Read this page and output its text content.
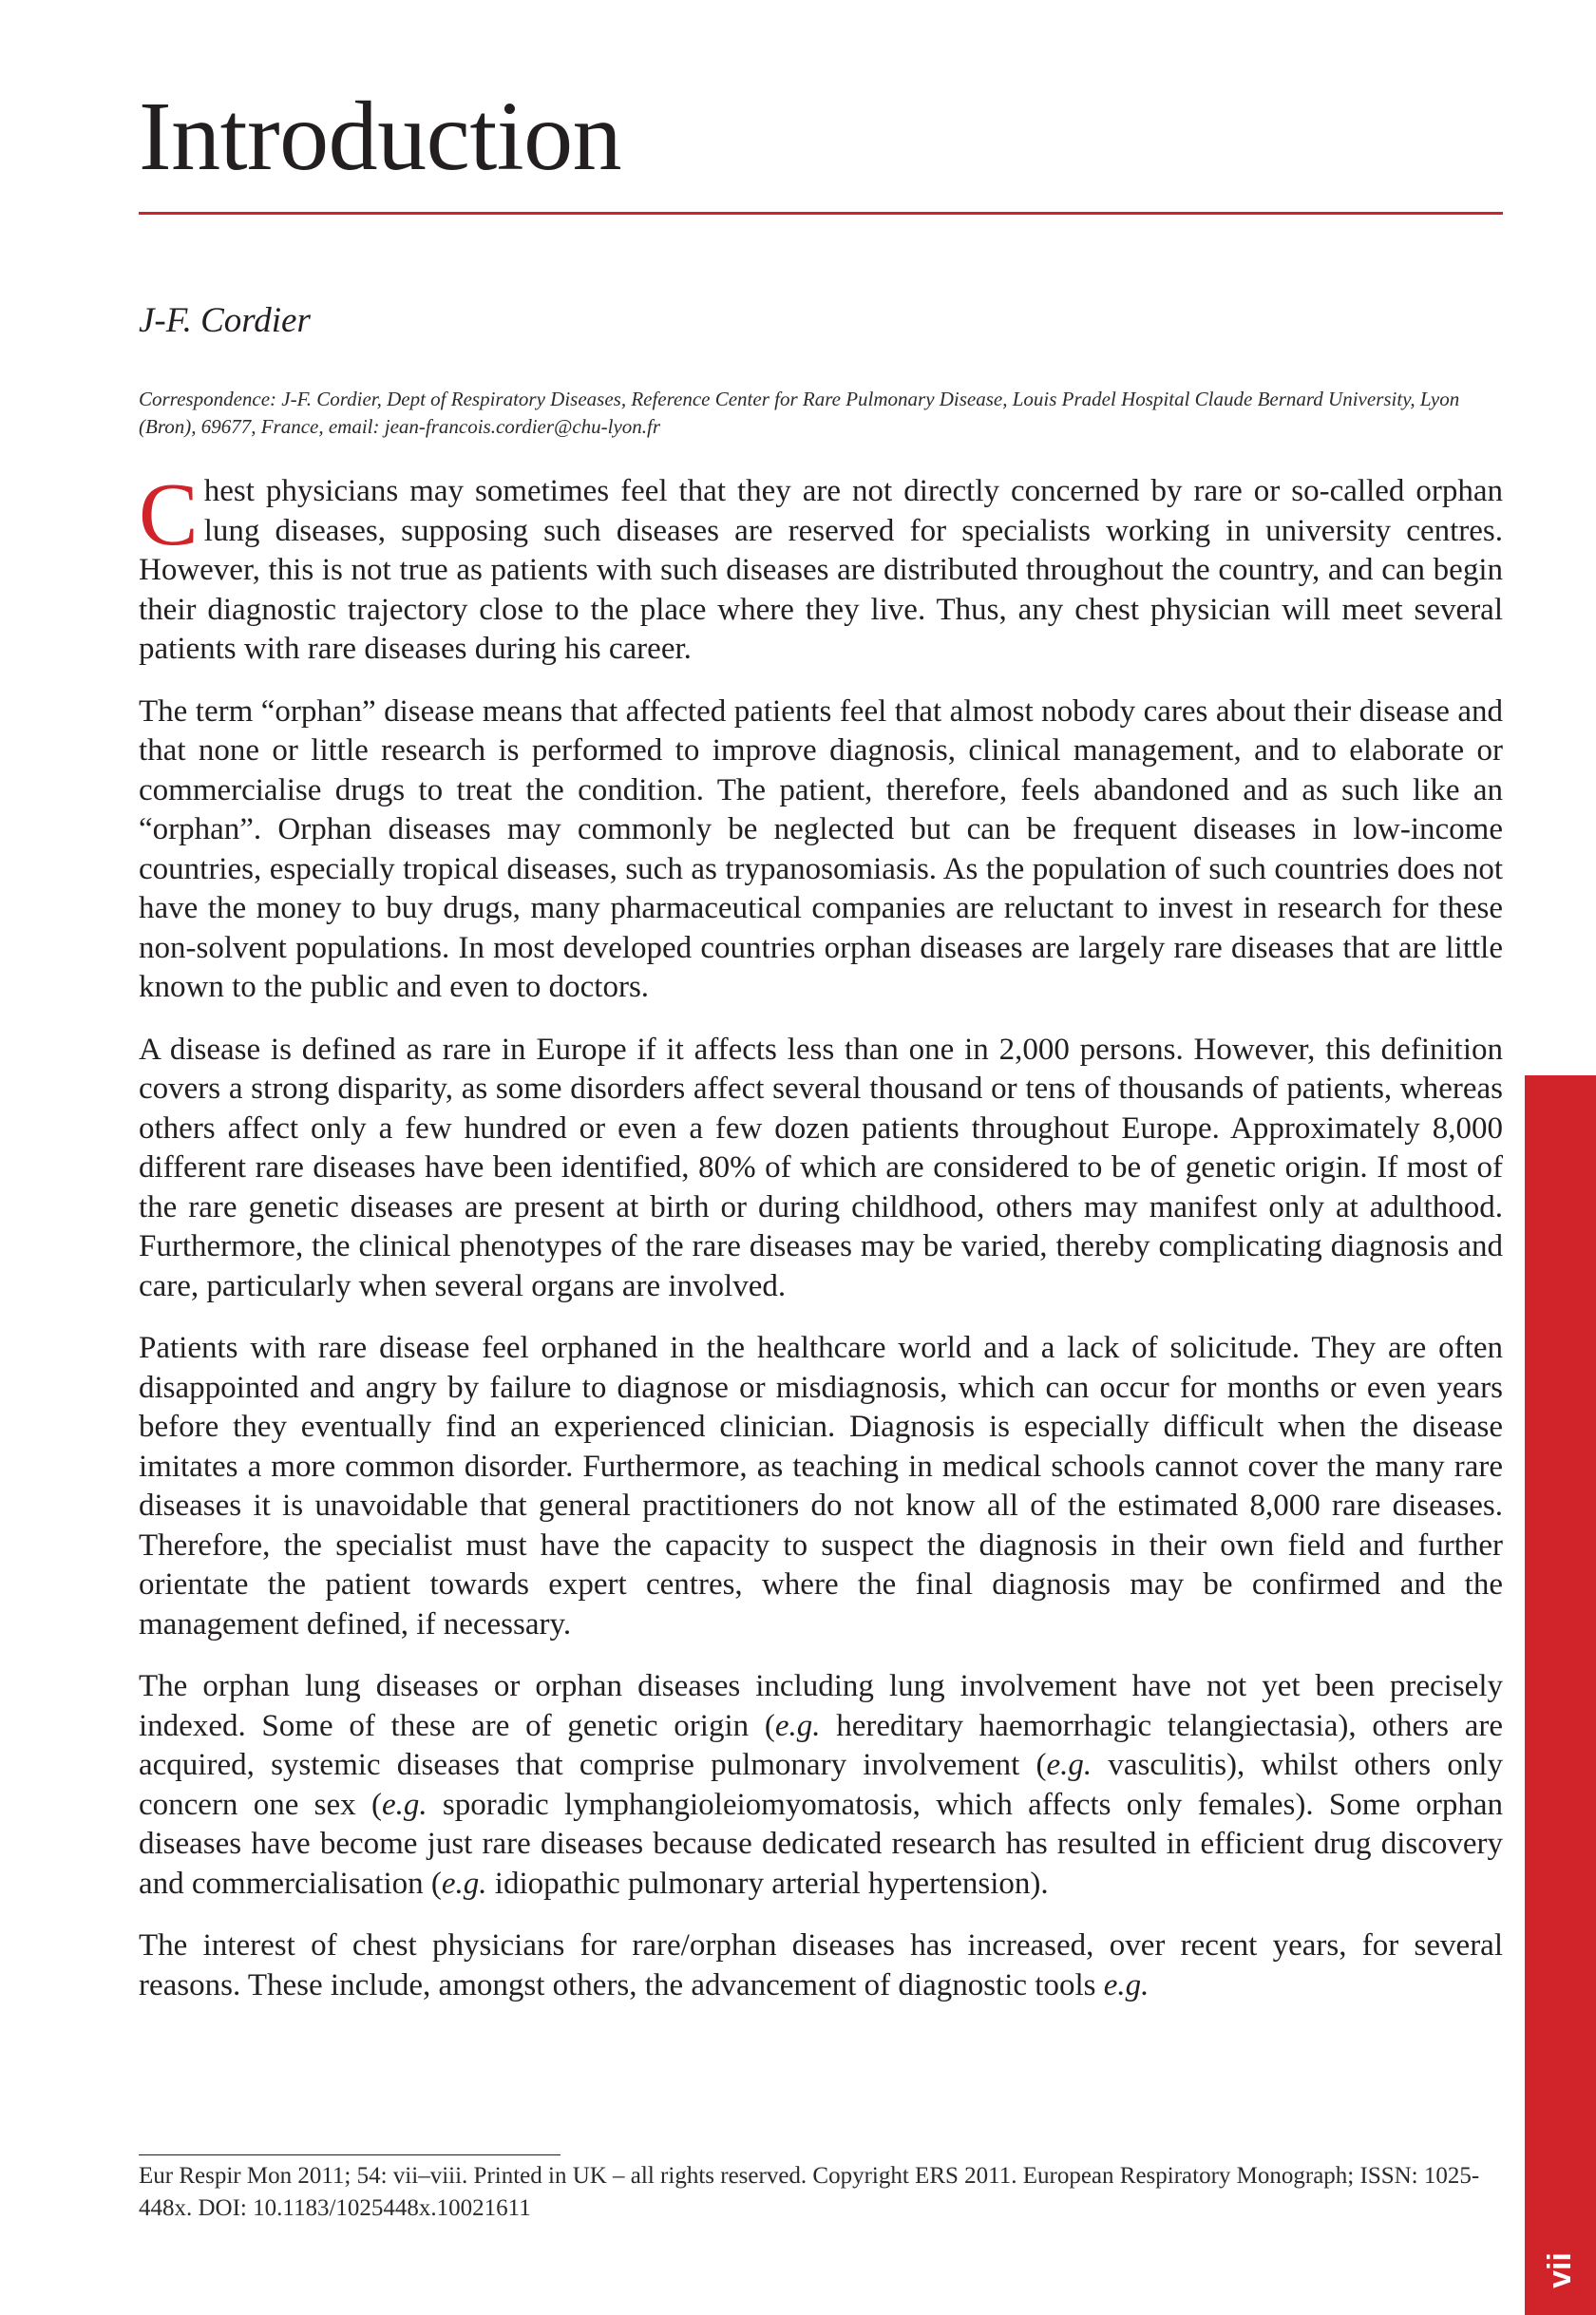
Introduction
J-F. Cordier

Correspondence: J-F. Cordier, Dept of Respiratory Diseases, Reference Center for Rare Pulmonary Disease, Louis Pradel Hospital Claude Bernard University, Lyon (Bron), 69677, France, email: jean-francois.cordier@chu-lyon.fr

Chest physicians may sometimes feel that they are not directly concerned by rare or so-called orphan lung diseases, supposing such diseases are reserved for specialists working in university centres. However, this is not true as patients with such diseases are distributed throughout the country, and can begin their diagnostic trajectory close to the place where they live. Thus, any chest physician will meet several patients with rare diseases during his career.

The term “orphan” disease means that affected patients feel that almost nobody cares about their disease and that none or little research is performed to improve diagnosis, clinical management, and to elaborate or commercialise drugs to treat the condition. The patient, therefore, feels abandoned and as such like an “orphan”. Orphan diseases may commonly be neglected but can be frequent diseases in low-income countries, especially tropical diseases, such as trypanosomiasis. As the population of such countries does not have the money to buy drugs, many pharmaceutical companies are reluctant to invest in research for these non-solvent populations. In most developed countries orphan diseases are largely rare diseases that are little known to the public and even to doctors.

A disease is defined as rare in Europe if it affects less than one in 2,000 persons. However, this definition covers a strong disparity, as some disorders affect several thousand or tens of thousands of patients, whereas others affect only a few hundred or even a few dozen patients throughout Europe. Approximately 8,000 different rare diseases have been identified, 80% of which are considered to be of genetic origin. If most of the rare genetic diseases are present at birth or during childhood, others may manifest only at adulthood. Furthermore, the clinical phenotypes of the rare diseases may be varied, thereby complicating diagnosis and care, particularly when several organs are involved.

Patients with rare disease feel orphaned in the healthcare world and a lack of solicitude. They are often disappointed and angry by failure to diagnose or misdiagnosis, which can occur for months or even years before they eventually find an experienced clinician. Diagnosis is especially difficult when the disease imitates a more common disorder. Furthermore, as teaching in medical schools cannot cover the many rare diseases it is unavoidable that general practitioners do not know all of the estimated 8,000 rare diseases. Therefore, the specialist must have the capacity to suspect the diagnosis in their own field and further orientate the patient towards expert centres, where the final diagnosis may be confirmed and the management defined, if necessary.

The orphan lung diseases or orphan diseases including lung involvement have not yet been precisely indexed. Some of these are of genetic origin (e.g. hereditary haemorrhagic telangiectasia), others are acquired, systemic diseases that comprise pulmonary involvement (e.g. vasculitis), whilst others only concern one sex (e.g. sporadic lymphangioleiomyomatosis, which affects only females). Some orphan diseases have become just rare diseases because dedicated research has resulted in efficient drug discovery and commercialisation (e.g. idiopathic pulmonary arterial hypertension).

The interest of chest physicians for rare/orphan diseases has increased, over recent years, for several reasons. These include, amongst others, the advancement of diagnostic tools e.g.

Eur Respir Mon 2011; 54: vii–viii. Printed in UK – all rights reserved. Copyright ERS 2011. European Respiratory Monograph; ISSN: 1025-448x. DOI: 10.1183/1025448x.10021611

vii
